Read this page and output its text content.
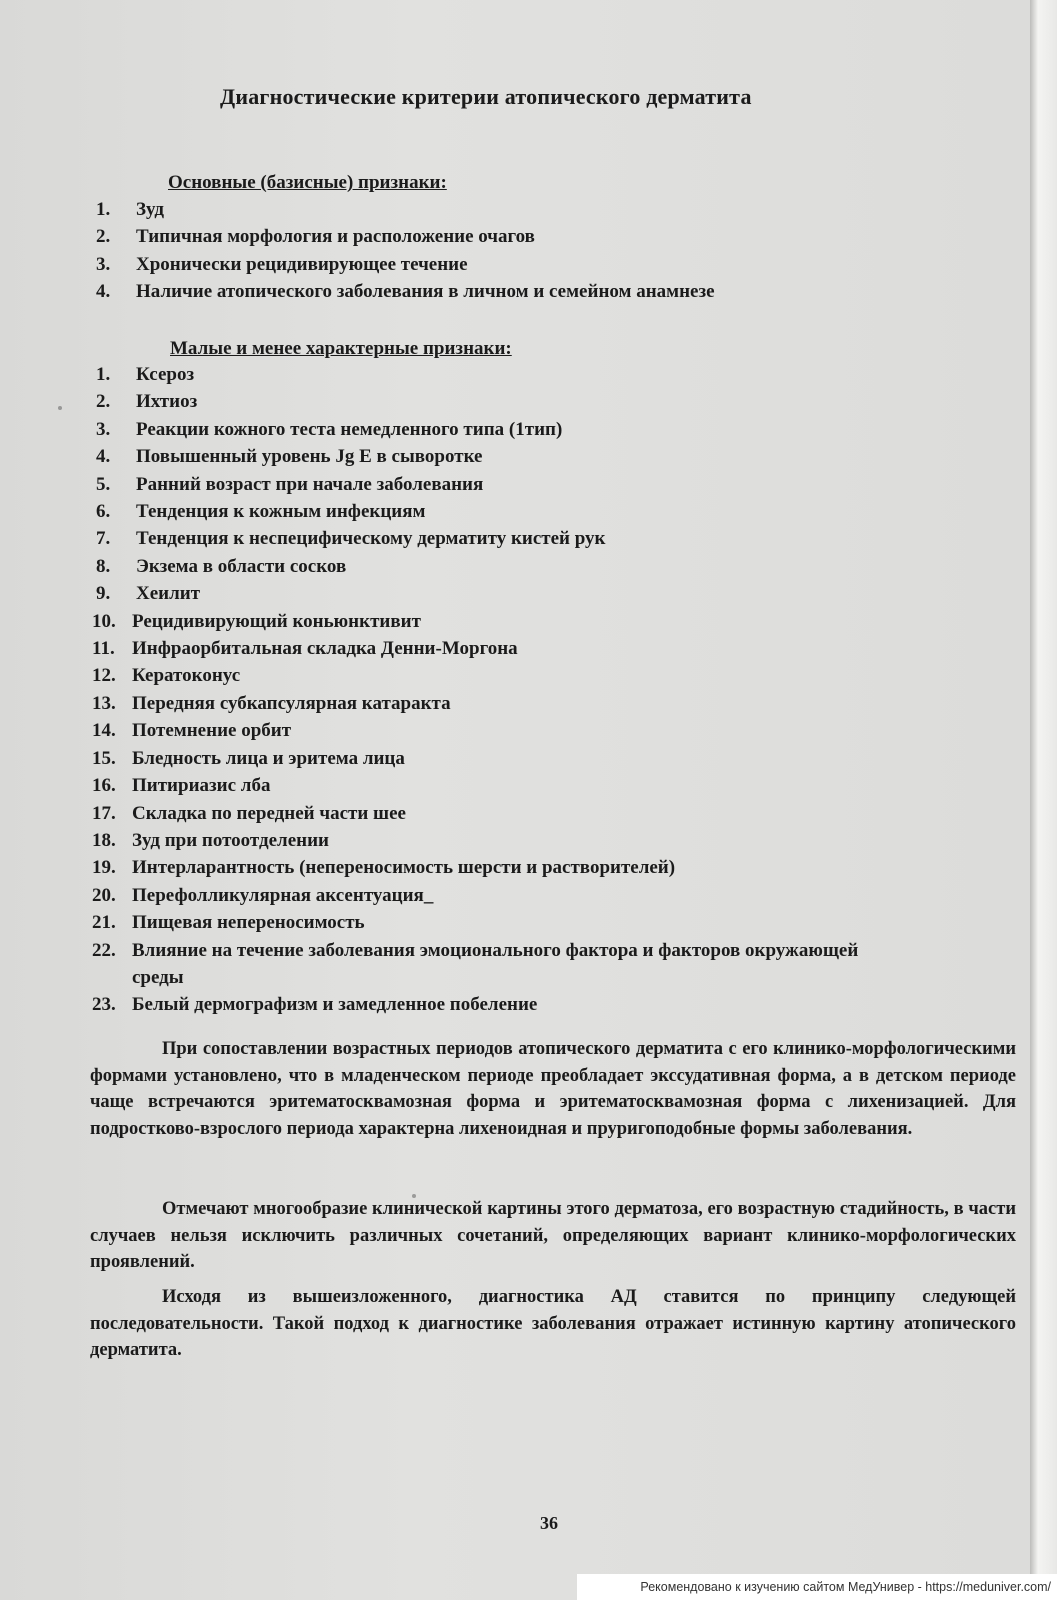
Диагностические критерии атопического дерматита
Основные (базисные) признаки:
1.	Зуд
2.	Типичная морфология и расположение очагов
3.	Хронически рецидивирующее течение
4.	Наличие атопического заболевания в личном и семейном анамнезе
Малые и менее характерные признаки:
1.	Ксероз
2.	Ихтиоз
3.	Реакции кожного теста немедленного типа (1тип)
4.	Повышенный уровень Jg E в сыворотке
5.	Ранний возраст при начале заболевания
6.	Тенденция к кожным инфекциям
7.	Тенденция к неспецифическому дерматиту кистей рук
8.	Экзема в области сосков
9.	Хеилит
10. Рецидивирующий коньюнктивит
11. Инфраорбитальная складка Денни-Моргона
12. Кератоконус
13. Передняя субкапсулярная катаракта
14. Потемнение орбит
15. Бледность лица и эритема лица
16. Питириазис лба
17. Складка по передней части шее
18. Зуд при потоотделении
19. Интерларантность (непереносимость шерсти и растворителей)
20. Перефолликулярная аксентуация_
21. Пищевая непереносимость
22. Влияние на течение заболевания эмоционального фактора и факторов окружающей
среды
23. Белый дермографизм и замедленное побеление

При сопоставлении возрастных периодов атопического дерматита с его клинико-морфологическими формами установлено, что в младенческом периоде преобладает экссудативная форма, а в детском периоде чаще встречаются эритематосквамозная форма и эритематосквамозная форма с лихенизацией. Для подростково-взрослого периода характерна лихеноидная и пруригоподобные формы заболевания.

Отмечают многообразие клинической картины этого дерматоза, его возрастную стадийность, в части случаев нельзя исключить различных сочетаний, определяющих вариант клинико-морфологических проявлений.

Исходя из вышеизложенного, диагностика АД ставится по принципу следующей последовательности. Такой подход к диагностике заболевания отражает истинную картину атопического дерматита.

36
Рекомендовано к изучению сайтом МедУнивер - https://meduniver.com/
